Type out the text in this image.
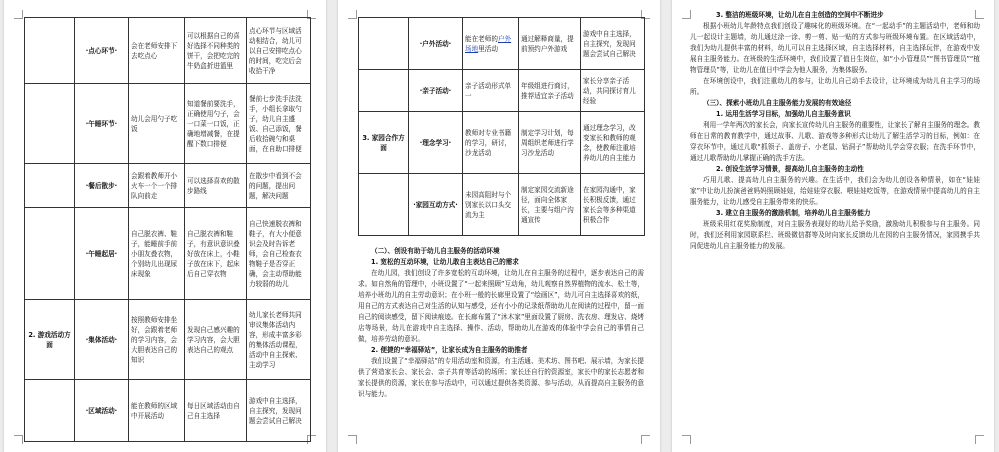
	·点心环节·	会在老师安排下去吃点心	可以根据自己的喜好选择不同种类的饼干，会把吃完的牛奶盒折进篮里	点心环节与区域活动相结合，幼儿可以自己安排吃点心的时间，吃完后会收拾干净
	·午睡环节·	幼儿会用勺子吃饭	知道餐前要洗手，正确使用勺子，会一口菜一口饭，正确地增减餐，在提醒下数口排便	餐前七步洗手法洗手，小组长拿取勺子，幼儿自主盛饭、自己添饭，餐后收拾碗勺和桌面，在自助口排便
	·餐后散步·	会跟着教师开小火车一个一个排队向前走	可以选择喜欢的散步路线	在散步中看到不会的问题，提出问题，解决问题
	·午睡起居·	自己脱衣裤、鞋子，能睡前手前小朋友叠衣物，个别幼儿出现尿床现象	自己脱衣裤和鞋子，有意识意识叠好放在床上，小鞋子放在床下，起床后自己穿衣物	自己快速脱衣裤和鞋子，有大小便意识会及时告诉老师，会自己检查衣物鞋子是否穿正确，会主动帮助能力较弱的幼儿
2. 游戏活动方面	·集体活动·	按照教师安排坐好，会跟着老师的学习内容，会大胆表达自己的知识	发现自己感兴趣的学习内容，会大胆表达自己的观点	幼儿家长老师共同审议集体活动内容，形成丰富多彩的集体活动课程，活动中自主探索、主动学习
	·区域活动·	能在教师的区域中开展活动	每日区域活动由自己自主选择	游戏中自主选择，自主探究，发现问题会尝试自己解决
	·户外活动·	能在老师的户外场地里活动	通过解释商量，提前预约户外游戏	游戏中自主选择，自主探究，发现问题会尝试自己解决
	·亲子活动·	亲子活动形式单一	年级组进行商讨，推荐适宜亲子活动	家长分享亲子活动，共同探讨育儿经验
3. 家园合作方面	·理念学习·	教师对专业书籍的学习，研讨，沙龙活动	制定学习计划，每周组织老师进行学习沙龙活动	通过理念学习，改变家长和教师的观念，使教师注重培养幼儿的自主能力
	·家园互动方式·	未园高阻时与个别家长以口头交流为主	制定家园交流新途径，面向全体家长，主要与组户沟通宣传	在家园沟通中，家长积极反馈，通过家长会等多种渠道积极合作

（二）、创设有助于幼儿自主服务的活动环境

1. 宽松的互动环境，让幼儿敢自主表达自己的需求

在幼儿园，我们创设了许多宽松的互动环境，让幼儿在自主服务的过程中，逐步表达自己的需求。如自然角的管理中，小班设置了“一起来照顾”互动角，幼儿观察自然界植物的流水、松土等，培养小班幼儿的自主劳动意识；在小班一般的长廊里设置了“绘画区”，幼儿可自主选择喜欢的纸，用自己的方式表达自己对生活的认知与感受，还有小小的记录纸帮助幼儿在阅读的过程中，留一面自己的阅读感受，留下阅读痕迹。在长廊布置了“沐木家”里面设置了厨房、洗衣房、理发店、烧烤店等场景，幼儿在游戏中自主选择、操作、活动，帮助幼儿在游戏的体验中学会自己的事情自己做，培养劳动的意识。

2. 便捷的“幸福驿站”，让家长成为自主服务的助推者

我们设置了“幸福驿站”的专用活动室和资源，有主活通、美术坊、图书吧、展示墙，为家长提供了营造家长会、家长会、亲子共育等活动的场所；家长还自行的资源室，家长中的家长志愿者和家长提供的资源，家长在参与活动中，可以通过提供各类资源、参与活动，从而提高自主服务的意识与能力。

3. 整洁的班级环境，让幼儿在自主创造的空间中不断进步

根据小班幼儿年龄特点我们创设了趣味化的班级环境。在“一起动手”的主题活动中，老师和幼儿一起设计主题墙，幼儿通过涂一涂、剪一剪、贴一贴的方式参与班级环境布置。在区域活动中，我们为幼儿提供丰富的材料，幼儿可以自主选择区域，自主选择材料，自主选择玩伴，在游戏中发展自主服务能力。在班级的生活环境中，我们设置了值日生岗位，如“小小管理员”“图书管理员”“植物管理员”等，让幼儿在值日中学会为他人服务，为集体服务。

在环境创设中，我们注重幼儿的参与，让幼儿自己动手去设计，让环境成为幼儿自主学习的场所。

（三）、探索小班幼儿自主服务能力发展的有效途径

1. 运用生活学习目标，加强幼儿自主服务意识

利用一学年两次的家长会，向家长宣传幼儿自主服务的重要性，让家长了解自主服务的理念。教师在日常的教育教学中，通过故事、儿歌、游戏等多种形式让幼儿了解生活学习的目标，例如：在穿衣环节中，通过儿歌“抓领子、盖房子、小老鼠、钻洞子”帮助幼儿学会穿衣服；在洗手环节中，通过儿歌帮助幼儿掌握正确的洗手方法。

2. 创设生活学习情景，提高幼儿自主服务的主动性

巧用儿歌、提高幼儿自主服务的兴趣。在生活中，我们会为幼儿创设各种情景，如在“娃娃家”中让幼儿扮演爸爸妈妈照顾娃娃，给娃娃穿衣服、喂娃娃吃饭等，在游戏情景中提高幼儿的自主服务能力，让幼儿感受自主服务带来的快乐。

3. 建立自主服务的激励机制，培养幼儿自主服务能力

班级采用红花奖励制度，对自主服务表现好的幼儿给予奖励，激励幼儿积极参与自主服务。同时，我们还利用家园联系栏、班级微信群等及时向家长反馈幼儿在园的自主服务情况，家园携手共同促进幼儿自主服务能力的发展。
